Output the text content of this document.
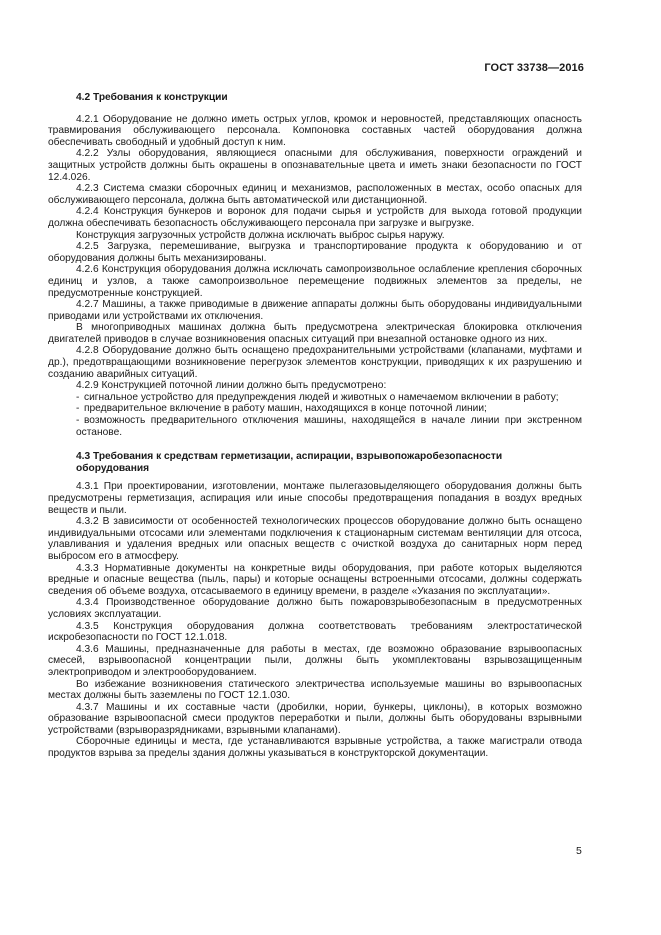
ГОСТ 33738—2016
4.2 Требования к конструкции

4.2.1 Оборудование не должно иметь острых углов, кромок и неровностей, представляющих опасность травмирования обслуживающего персонала. Компоновка составных частей оборудования должна обеспечивать свободный и удобный доступ к ним.

4.2.2 Узлы оборудования, являющиеся опасными для обслуживания, поверхности ограждений и защитных устройств должны быть окрашены в опознавательные цвета и иметь знаки безопасности по ГОСТ 12.4.026.

4.2.3 Система смазки сборочных единиц и механизмов, расположенных в местах, особо опасных для обслуживающего персонала, должна быть автоматической или дистанционной.

4.2.4 Конструкция бункеров и воронок для подачи сырья и устройств для выхода готовой продукции должна обеспечивать безопасность обслуживающего персонала при загрузке и выгрузке.

Конструкция загрузочных устройств должна исключать выброс сырья наружу.

4.2.5 Загрузка, перемешивание, выгрузка и транспортирование продукта к оборудованию и от оборудования должны быть механизированы.

4.2.6 Конструкция оборудования должна исключать самопроизвольное ослабление крепления сборочных единиц и узлов, а также самопроизвольное перемещение подвижных элементов за пределы, не предусмотренные конструкцией.

4.2.7 Машины, а также приводимые в движение аппараты должны быть оборудованы индивидуальными приводами или устройствами их отключения.

В многоприводных машинах должна быть предусмотрена электрическая блокировка отключения двигателей приводов в случае возникновения опасных ситуаций при внезапной остановке одного из них.

4.2.8 Оборудование должно быть оснащено предохранительными устройствами (клапанами, муфтами и др.), предотвращающими возникновение перегрузок элементов конструкции, приводящих к их разрушению и созданию аварийных ситуаций.

4.2.9 Конструкцией поточной линии должно быть предусмотрено:

- сигнальное устройство для предупреждения людей и животных о намечаемом включении в работу;
- предварительное включение в работу машин, находящихся в конце поточной линии;
- возможность предварительного отключения машины, находящейся в начале линии при экстренном останове.
4.3 Требования к средствам герметизации, аспирации, взрывопожаробезопасности
оборудования

4.3.1 При проектировании, изготовлении, монтаже пылегазовыделяющего оборудования должны быть предусмотрены герметизация, аспирация или иные способы предотвращения попадания в воздух вредных веществ и пыли.

4.3.2 В зависимости от особенностей технологических процессов оборудование должно быть оснащено индивидуальными отсосами или элементами подключения к стационарным системам вентиляции для отсоса, улавливания и удаления вредных или опасных веществ с очисткой воздуха до санитарных норм перед выбросом его в атмосферу.

4.3.3 Нормативные документы на конкретные виды оборудования, при работе которых выделяются вредные и опасные вещества (пыль, пары) и которые оснащены встроенными отсосами, должны содержать сведения об объеме воздуха, отсасываемого в единицу времени, в разделе «Указания по эксплуатации».

4.3.4 Производственное оборудование должно быть пожаровзрывобезопасным в предусмотренных условиях эксплуатации.

4.3.5 Конструкция оборудования должна соответствовать требованиям электростатической искробезопасности по ГОСТ 12.1.018.

4.3.6 Машины, предназначенные для работы в местах, где возможно образование взрывоопасных смесей, взрывоопасной концентрации пыли, должны быть укомплектованы взрывозащищенным электроприводом и электрооборудованием.

Во избежание возникновения статического электричества используемые машины во взрывоопасных местах должны быть заземлены по ГОСТ 12.1.030.

4.3.7 Машины и их составные части (дробилки, нории, бункеры, циклоны), в которых возможно образование взрывоопасной смеси продуктов переработки и пыли, должны быть оборудованы взрывными устройствами (взрыворазрядниками, взрывными клапанами).

Сборочные единицы и места, где устанавливаются взрывные устройства, а также магистрали отвода продуктов взрыва за пределы здания должны указываться в конструкторской документации.

5
